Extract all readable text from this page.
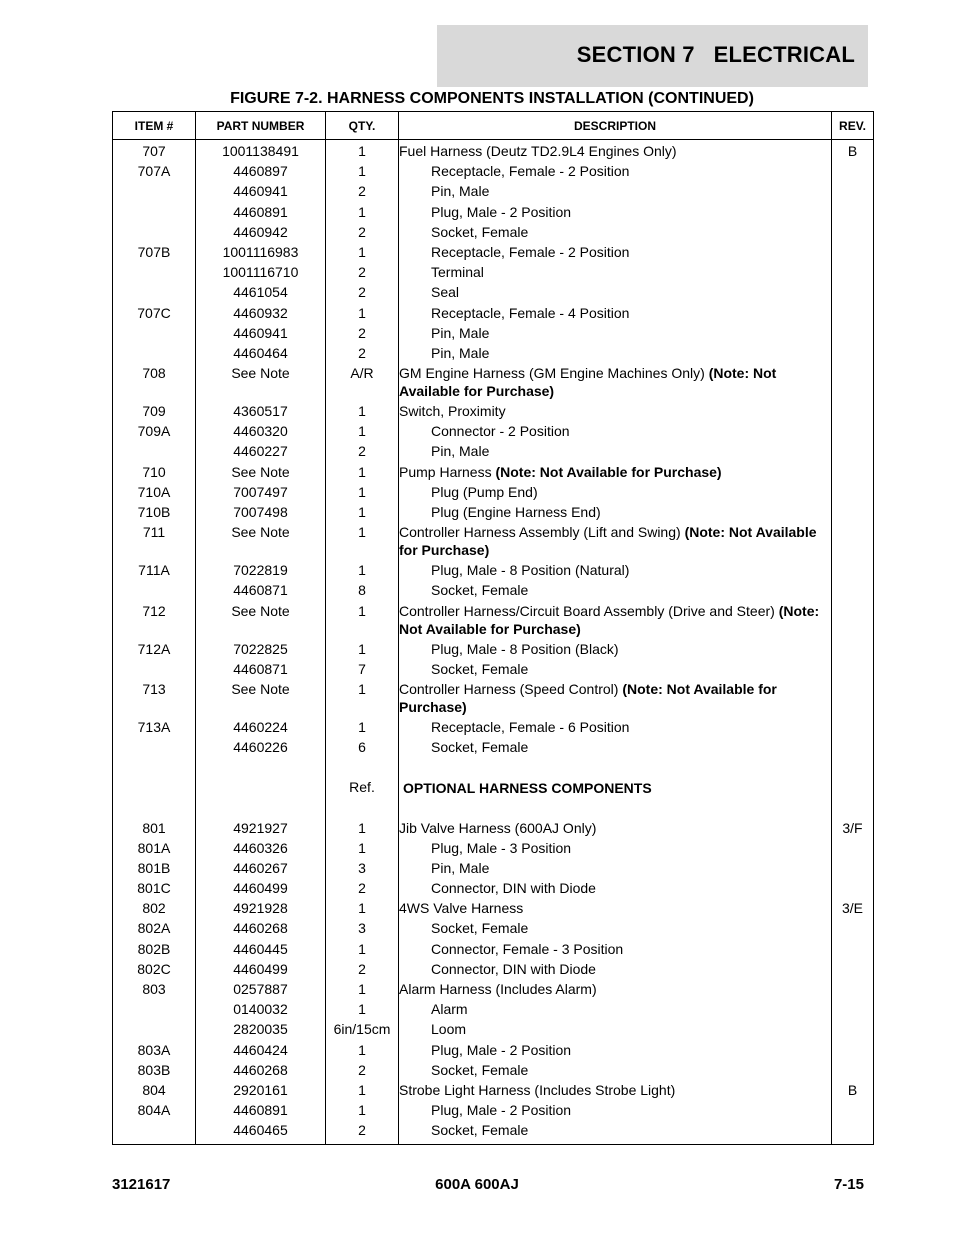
SECTION 7   ELECTRICAL
FIGURE 7-2. HARNESS COMPONENTS INSTALLATION (CONTINUED)
ITEM #	PART NUMBER	QTY.	DESCRIPTION	REV.
707	1001138491	1	Fuel Harness (Deutz TD2.9L4 Engines Only)	B
707A	4460897	1	Receptacle, Female - 2 Position	
	4460941	2	Pin, Male	
	4460891	1	Plug, Male - 2 Position	
	4460942	2	Socket, Female	
707B	1001116983	1	Receptacle, Female - 2 Position	
	1001116710	2	Terminal	
	4461054	2	Seal	
707C	4460932	1	Receptacle, Female - 4 Position	
	4460941	2	Pin, Male	
	4460464	2	Pin, Male	
708	See Note	A/R	GM Engine Harness (GM Engine Machines Only) (Note: Not Available for Purchase)	
709	4360517	1	Switch, Proximity	
709A	4460320	1	Connector - 2 Position	
	4460227	2	Pin, Male	
710	See Note	1	Pump Harness (Note: Not Available for Purchase)	
710A	7007497	1	Plug (Pump End)	
710B	7007498	1	Plug (Engine Harness End)	
711	See Note	1	Controller Harness Assembly (Lift and Swing) (Note: Not Available for Purchase)	
711A	7022819	1	Plug, Male - 8 Position (Natural)	
	4460871	8	Socket, Female	
712	See Note	1	Controller Harness/Circuit Board Assembly (Drive and Steer) (Note: Not Available for Purchase)	
712A	7022825	1	Plug, Male - 8 Position (Black)	
	4460871	7	Socket, Female	
713	See Note	1	Controller Harness (Speed Control) (Note: Not Available for Purchase)	
713A	4460224	1	Receptacle, Female - 6 Position	
	4460226	6	Socket, Female	

		Ref.	OPTIONAL HARNESS COMPONENTS	

801	4921927	1	Jib Valve Harness (600AJ Only)	3/F
801A	4460326	1	Plug, Male - 3 Position	
801B	4460267	3	Pin, Male	
801C	4460499	2	Connector, DIN with Diode	
802	4921928	1	4WS Valve Harness	3/E
802A	4460268	3	Socket, Female	
802B	4460445	1	Connector, Female - 3 Position	
802C	4460499	2	Connector, DIN with Diode	
803	0257887	1	Alarm Harness (Includes Alarm)	
	0140032	1	Alarm	
	2820035	6in/15cm	Loom	
803A	4460424	1	Plug, Male - 2 Position	
803B	4460268	2	Socket, Female	
804	2920161	1	Strobe Light Harness (Includes Strobe Light)	B
804A	4460891	1	Plug, Male - 2 Position	
	4460465	2	Socket, Female	

3121617	600A 600AJ	7-15
